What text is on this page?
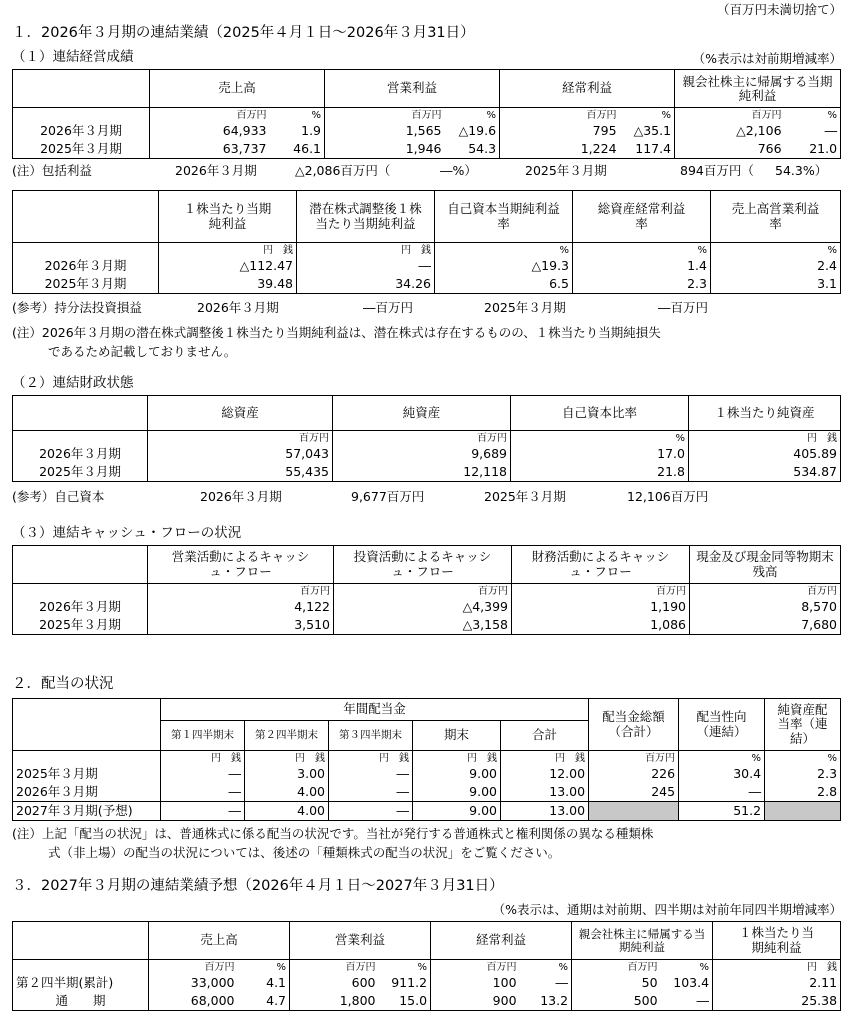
（百万円未満切捨て）
１．2026年３月期の連結業績（2025年４月１日～2026年３月31日）
（１）連結経営成績	（%表示は対前期増減率）
	売上高		営業利益		経常利益		親会社株主に帰属する当期純利益	
	百万円	%	百万円	%	百万円	%	百万円	%
2026年３月期	64,933	1.9	1,565	△19.6	795	△35.1	△2,106	―
2025年３月期	63,737	46.1	1,946	54.3	1,224	117.4	766	21.0
(注）包括利益	2026年３月期	△2,086百万円（	―%）	2025年３月期	894百万円（ 54.3%）
	１株当たり当期純利益	潜在株式調整後１株当たり当期純利益	自己資本当期純利益率	総資産経常利益率	売上高営業利益率
	円　銭	円　銭	%	%	%
2026年３月期	△112.47	―	△19.3	1.4	2.4
2025年３月期	39.48	34.26	6.5	2.3	3.1
(参考）持分法投資損益	2026年３月期	―百万円	2025年３月期	―百万円
(注）2026年３月期の潜在株式調整後１株当たり当期純利益は、潜在株式は存在するものの、１株当たり当期純損失
であるため記載しておりません。
（２）連結財政状態
	総資産	純資産	自己資本比率	１株当たり純資産
	百万円	百万円	%	円　銭
2026年３月期	57,043	9,689	17.0	405.89
2025年３月期	55,435	12,118	21.8	534.87
(参考）自己資本	2026年３月期	9,677百万円	2025年３月期	12,106百万円
（３）連結キャッシュ・フローの状況
	営業活動によるキャッシュ・フロー	投資活動によるキャッシュ・フロー	財務活動によるキャッシュ・フロー	現金及び現金同等物期末残高
	百万円	百万円	百万円	百万円
2026年３月期	4,122	△4,399	1,190	8,570
2025年３月期	3,510	△3,158	1,086	7,680
２．配当の状況
	年間配当金					配当金総額（合計）	配当性向（連結）	純資産配当率（連結）
	第１四半期末	第２四半期末	第３四半期末	期末	合計			
	円　銭	円　銭	円　銭	円　銭	円　銭	百万円	%	%
2025年３月期	―	3.00	―	9.00	12.00	226	30.4	2.3
2026年３月期	―	4.00	―	9.00	13.00	245	―	2.8
2027年３月期(予想)	―	4.00	―	9.00	13.00		51.2	
(注）上記「配当の状況」は、普通株式に係る配当の状況です。当社が発行する普通株式と権利関係の異なる種類株
式（非上場）の配当の状況については、後述の「種類株式の配当の状況」をご覧ください。
３．2027年３月期の連結業績予想（2026年４月１日～2027年３月31日）
（%表示は、通期は対前期、四半期は対前年同四半期増減率）
	売上高		営業利益		経常利益		親会社株主に帰属する当期純利益		１株当たり当期純利益
	百万円	%	百万円	%	百万円	%	百万円	%	円　銭
第２四半期(累計)	33,000	4.1	600	911.2	100	―	50	103.4	2.11
通　　期	68,000	4.7	1,800	15.0	900	13.2	500	―	25.38
